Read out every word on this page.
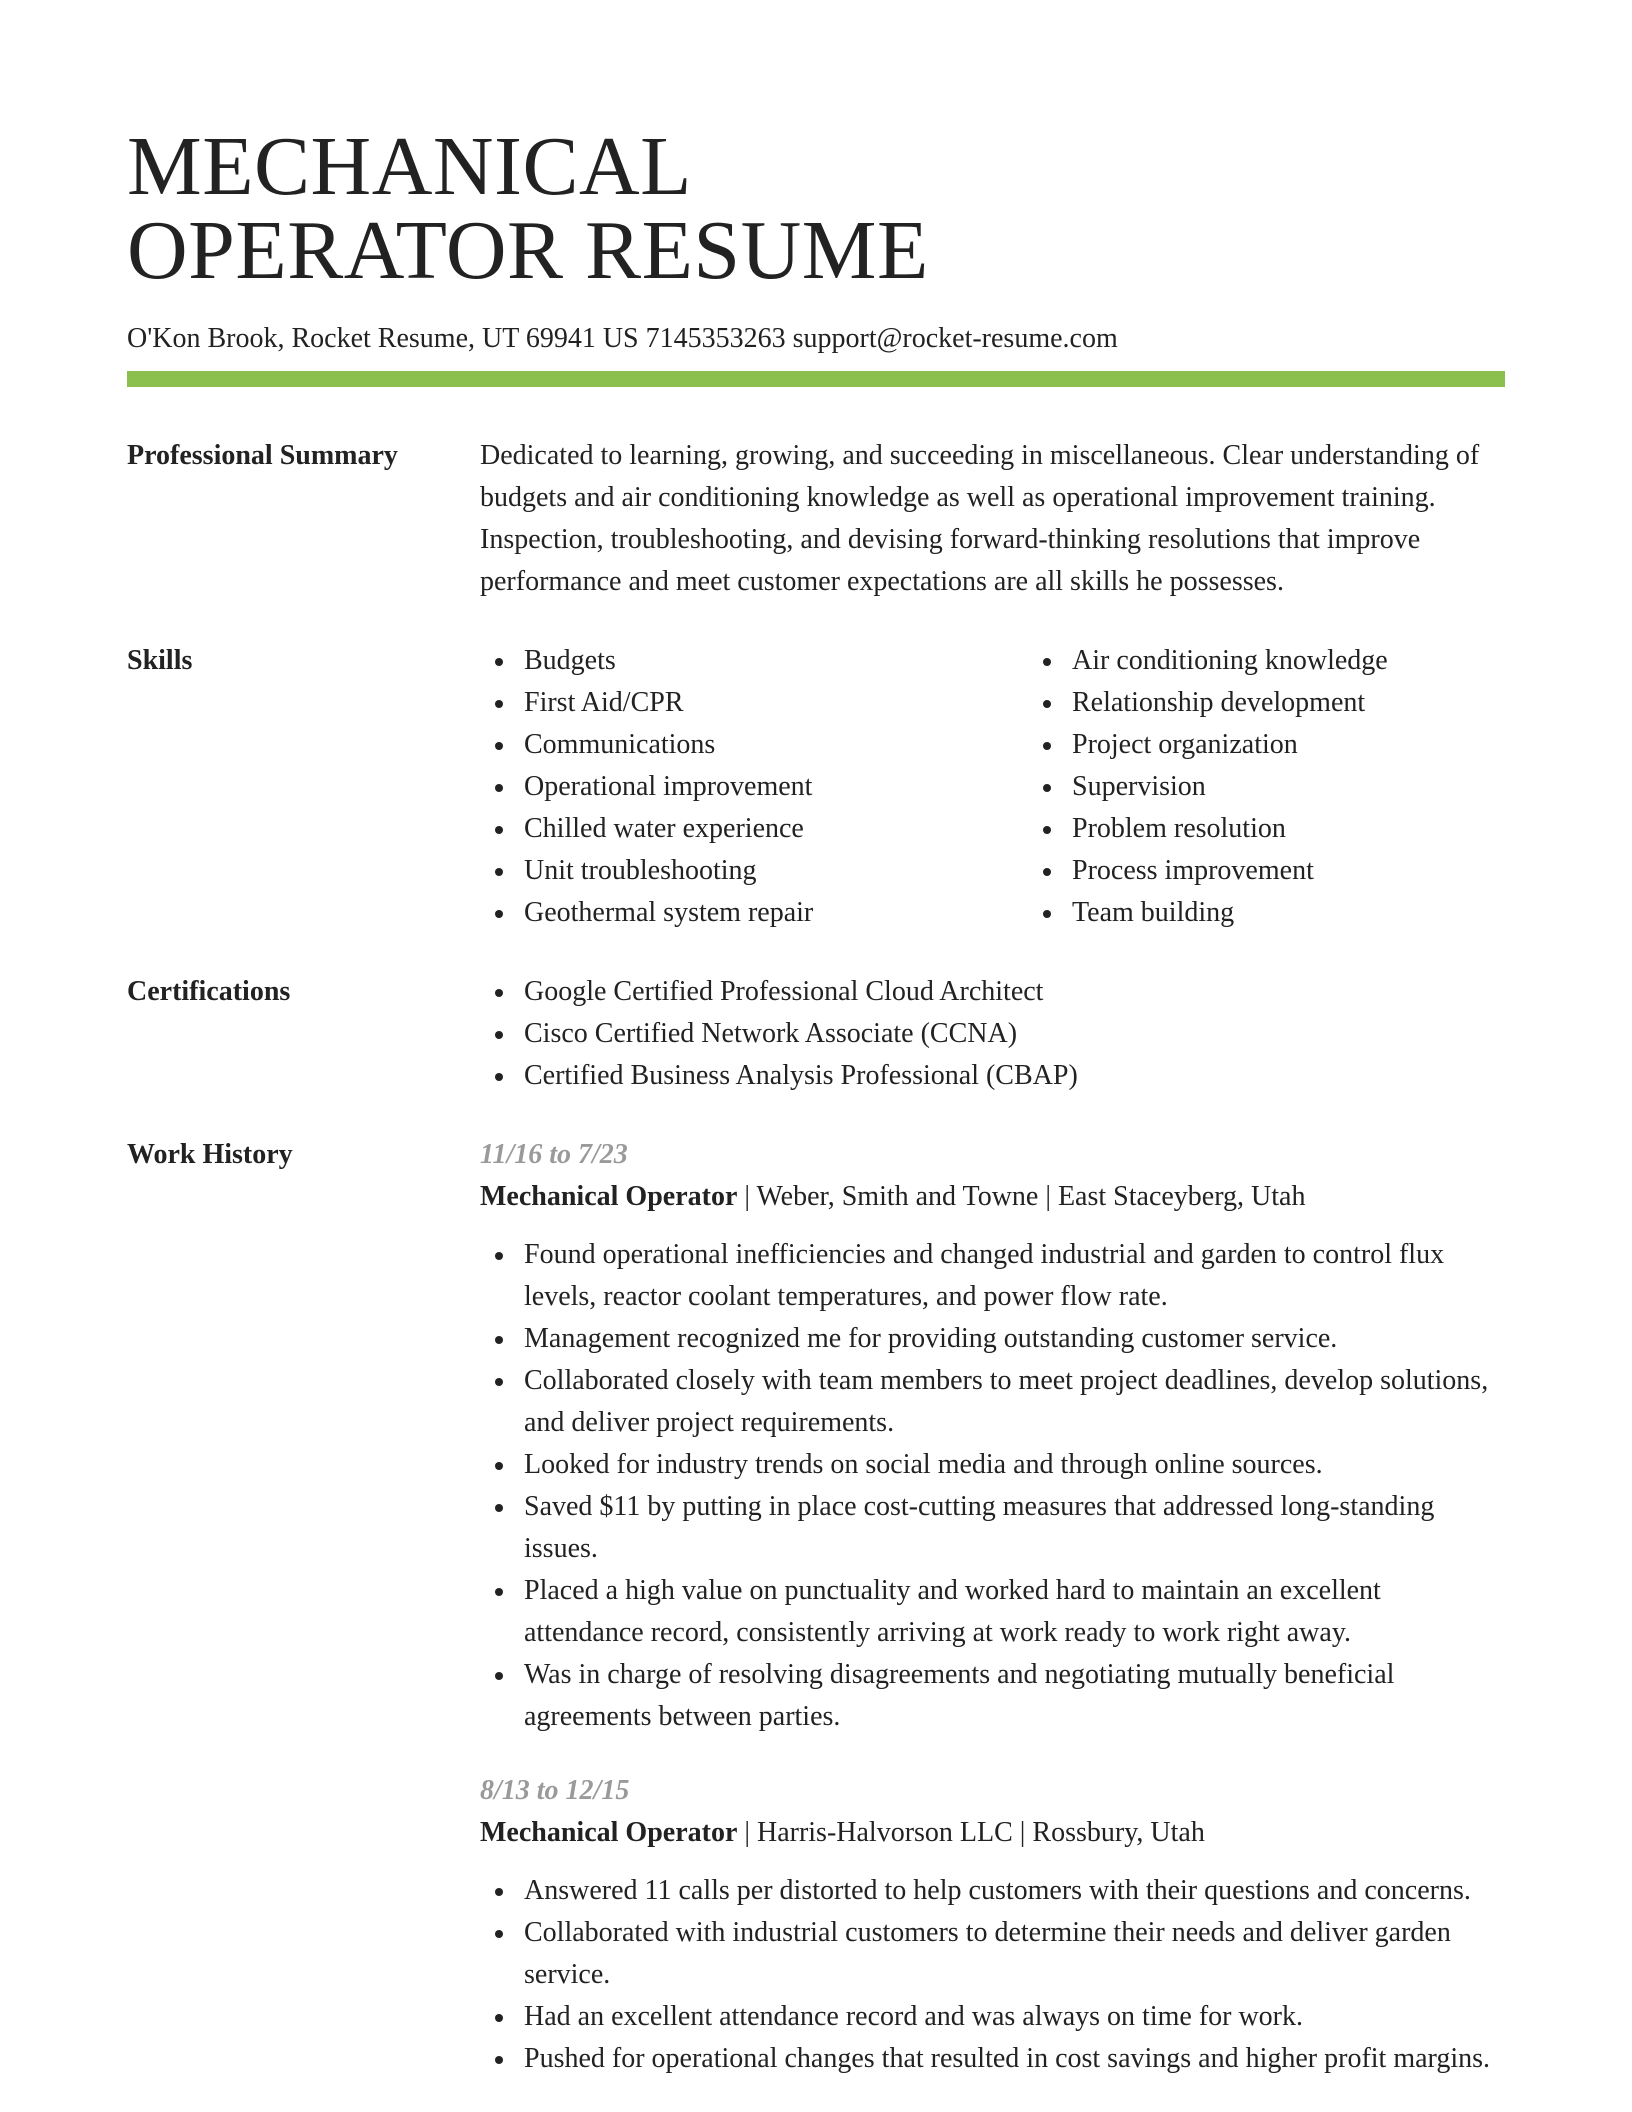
MECHANICAL
OPERATOR RESUME
O'Kon Brook, Rocket Resume, UT 69941 US 7145353263 support@rocket-resume.com
Professional Summary	Dedicated to learning, growing, and succeeding in miscellaneous. Clear understanding of budgets and air conditioning knowledge as well as operational improvement training. Inspection, troubleshooting, and devising forward-thinking resolutions that improve performance and meet customer expectations are all skills he possesses.

Skills	Budgets
First Aid/CPR
Communications
Operational improvement
Chilled water experience
Unit troubleshooting
Geothermal system repair
Air conditioning knowledge
Relationship development
Project organization
Supervision
Problem resolution
Process improvement
Team building
Certifications	Google Certified Professional Cloud Architect
Cisco Certified Network Associate (CCNA)
Certified Business Analysis Professional (CBAP)
Work History	11/16 to 7/23
Mechanical Operator | Weber, Smith and Towne | East Staceyberg, Utah
Found operational inefficiencies and changed industrial and garden to control flux levels, reactor coolant temperatures, and power flow rate.
Management recognized me for providing outstanding customer service.
Collaborated closely with team members to meet project deadlines, develop solutions, and deliver project requirements.
Looked for industry trends on social media and through online sources.
Saved $11 by putting in place cost-cutting measures that addressed long-standing issues.
Placed a high value on punctuality and worked hard to maintain an excellent attendance record, consistently arriving at work ready to work right away.
Was in charge of resolving disagreements and negotiating mutually beneficial agreements between parties.
8/13 to 12/15
Mechanical Operator | Harris-Halvorson LLC | Rossbury, Utah
Answered 11 calls per distorted to help customers with their questions and concerns.
Collaborated with industrial customers to determine their needs and deliver garden service.
Had an excellent attendance record and was always on time for work.
Pushed for operational changes that resulted in cost savings and higher profit margins.
